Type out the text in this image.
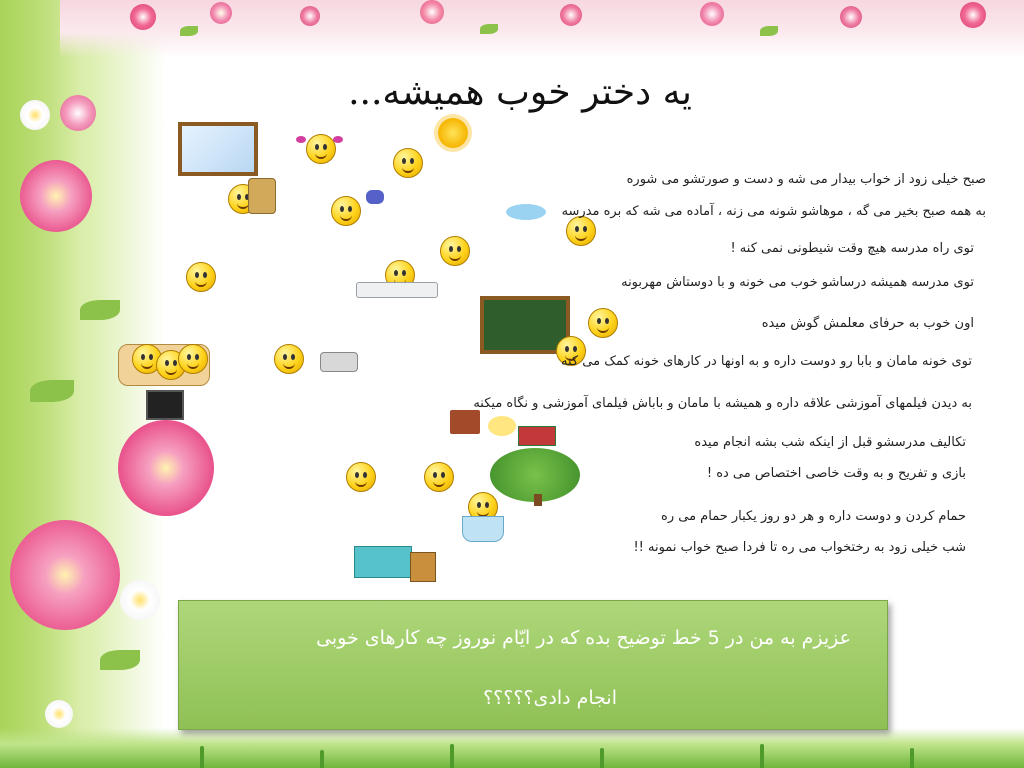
یه دختر خوب همیشه...
صبح خیلی زود از خواب بیدار می شه و دست و صورتشو می شوره
به همه صبح بخیر می گه ، موهاشو شونه می زنه ، آماده می شه که بره مدرسه
توی راه مدرسه هیچ وقت شیطونی نمی کنه !
توی مدرسه همیشه درساشو خوب می خونه و با دوستاش مهربونه
اون خوب به حرفای معلمش گوش میده
توی خونه مامان و بابا رو دوست داره و به اونها در کارهای خونه کمک می کنه
به دیدن فیلمهای آموزشی علاقه داره و همیشه با مامان و باباش فیلمای آموزشی و نگاه میکنه
تکالیف مدرسشو قبل از اینکه شب بشه انجام میده
بازی و تفریح و به وقت خاصی اختصاص می ده !
حمام کردن و دوست داره و هر دو روز یکبار حمام می ره
شب خیلی زود به رختخواب می ره تا فردا صبح خواب نمونه !!
عزیزم به من در 5 خط توضیح بده که در ایّام نوروز چه کارهای خوبی
انجام دادی؟؟؟؟؟
